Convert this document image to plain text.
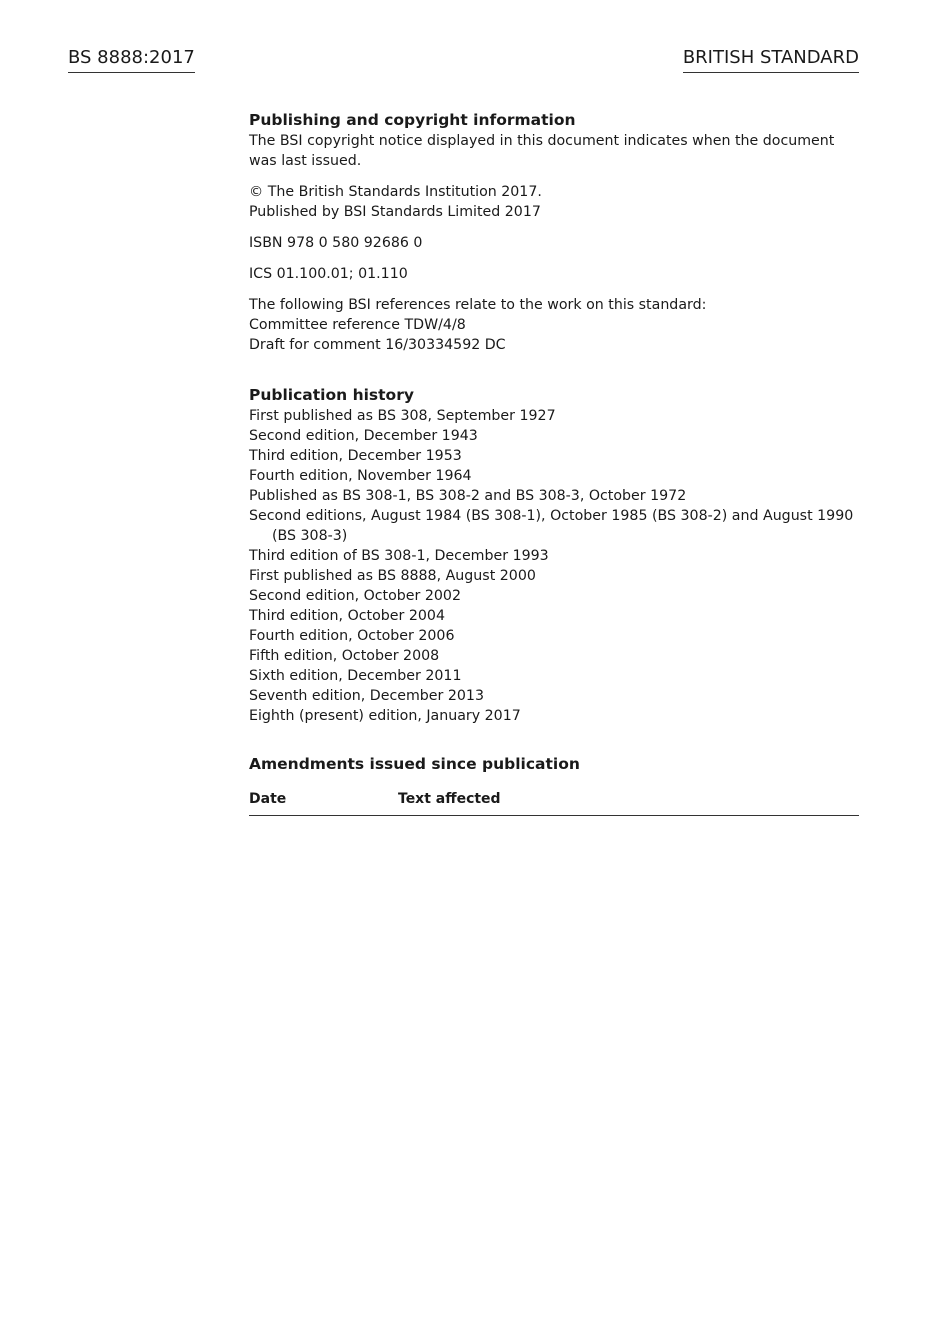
BS 8888:2017	BRITISH STANDARD
Publishing and copyright information
The BSI copyright notice displayed in this document indicates when the document was last issued.
© The British Standards Institution 2017.
Published by BSI Standards Limited 2017
ISBN 978 0 580 92686 0
ICS 01.100.01; 01.110
The following BSI references relate to the work on this standard:
Committee reference TDW/4/8
Draft for comment 16/30334592 DC
Publication history
First published as BS 308, September 1927
Second edition, December 1943
Third edition, December 1953
Fourth edition, November 1964
Published as BS 308-1, BS 308-2 and BS 308-3, October 1972
Second editions, August 1984 (BS 308-1), October 1985 (BS 308-2) and August 1990 (BS 308-3)
Third edition of BS 308-1, December 1993
First published as BS 8888, August 2000
Second edition, October 2002
Third edition, October 2004
Fourth edition, October 2006
Fifth edition, October 2008
Sixth edition, December 2011
Seventh edition, December 2013
Eighth (present) edition, January 2017
Amendments issued since publication
Date	Text affected
